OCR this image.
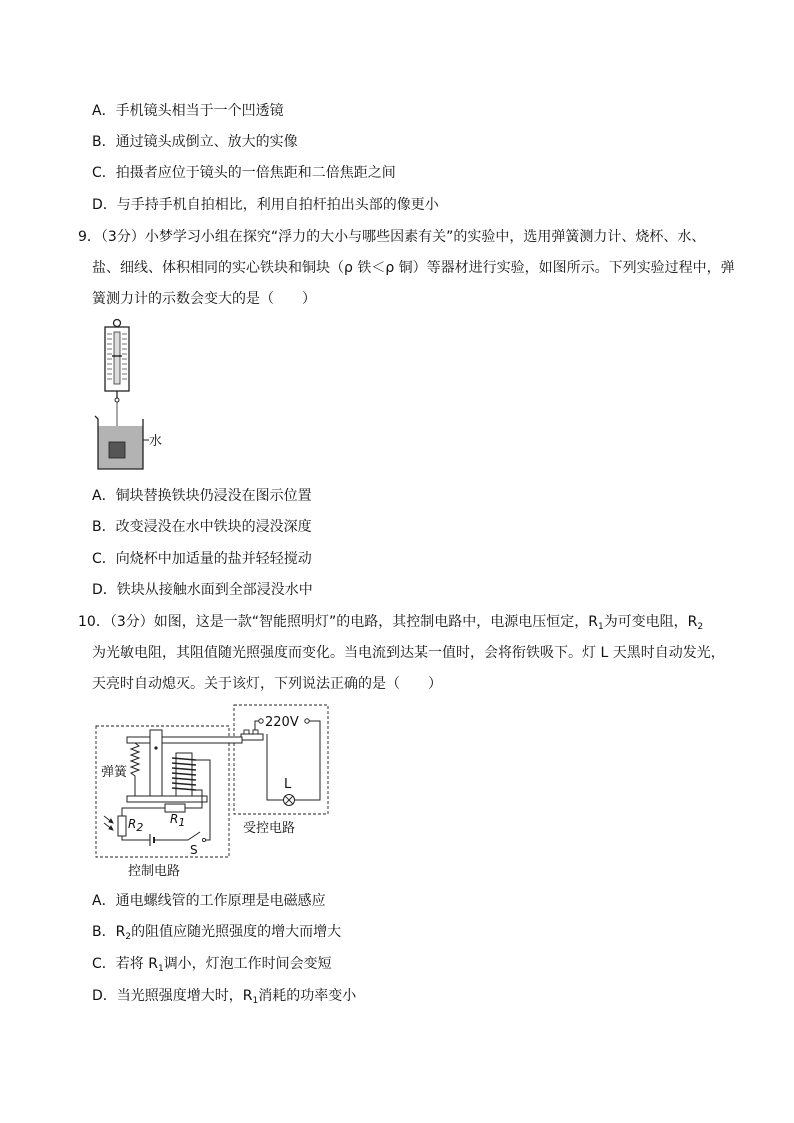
A．手机镜头相当于一个凹透镜
B．通过镜头成倒立、放大的实像
C．拍摄者应位于镜头的一倍焦距和二倍焦距之间
D．与手持手机自拍相比，利用自拍杆拍出头部的像更小
9．（3分）小梦学习小组在探究“浮力的大小与哪些因素有关”的实验中，选用弹簧测力计、烧杯、水、
盐、细线、体积相同的实心铁块和铜块（ρ 铁＜ρ 铜）等器材进行实验，如图所示。下列实验过程中，弹
簧测力计的示数会变大的是（　　）
水
A．铜块替换铁块仍浸没在图示位置
B．改变浸没在水中铁块的浸没深度
C．向烧杯中加适量的盐并轻轻搅动
D．铁块从接触水面到全部浸没水中
10．（3分）如图，这是一款“智能照明灯”的电路，其控制电路中，电源电压恒定，$R_1$为可变电阻，$R_2$
为光敏电阻，其阻值随光照强度而变化。当电流到达某一值时，会将衔铁吸下。灯 L 天黑时自动发光，
天亮时自动熄灭。关于该灯，下列说法正确的是（　　）
220V
L
弹簧
R1
R2
S
受控电路
控制电路
A．通电螺线管的工作原理是电磁感应
B．$R_2$的阻值应随光照强度的增大而增大
C．若将 $R_1$调小，灯泡工作时间会变短
D．当光照强度增大时，$R_1$消耗的功率变小
